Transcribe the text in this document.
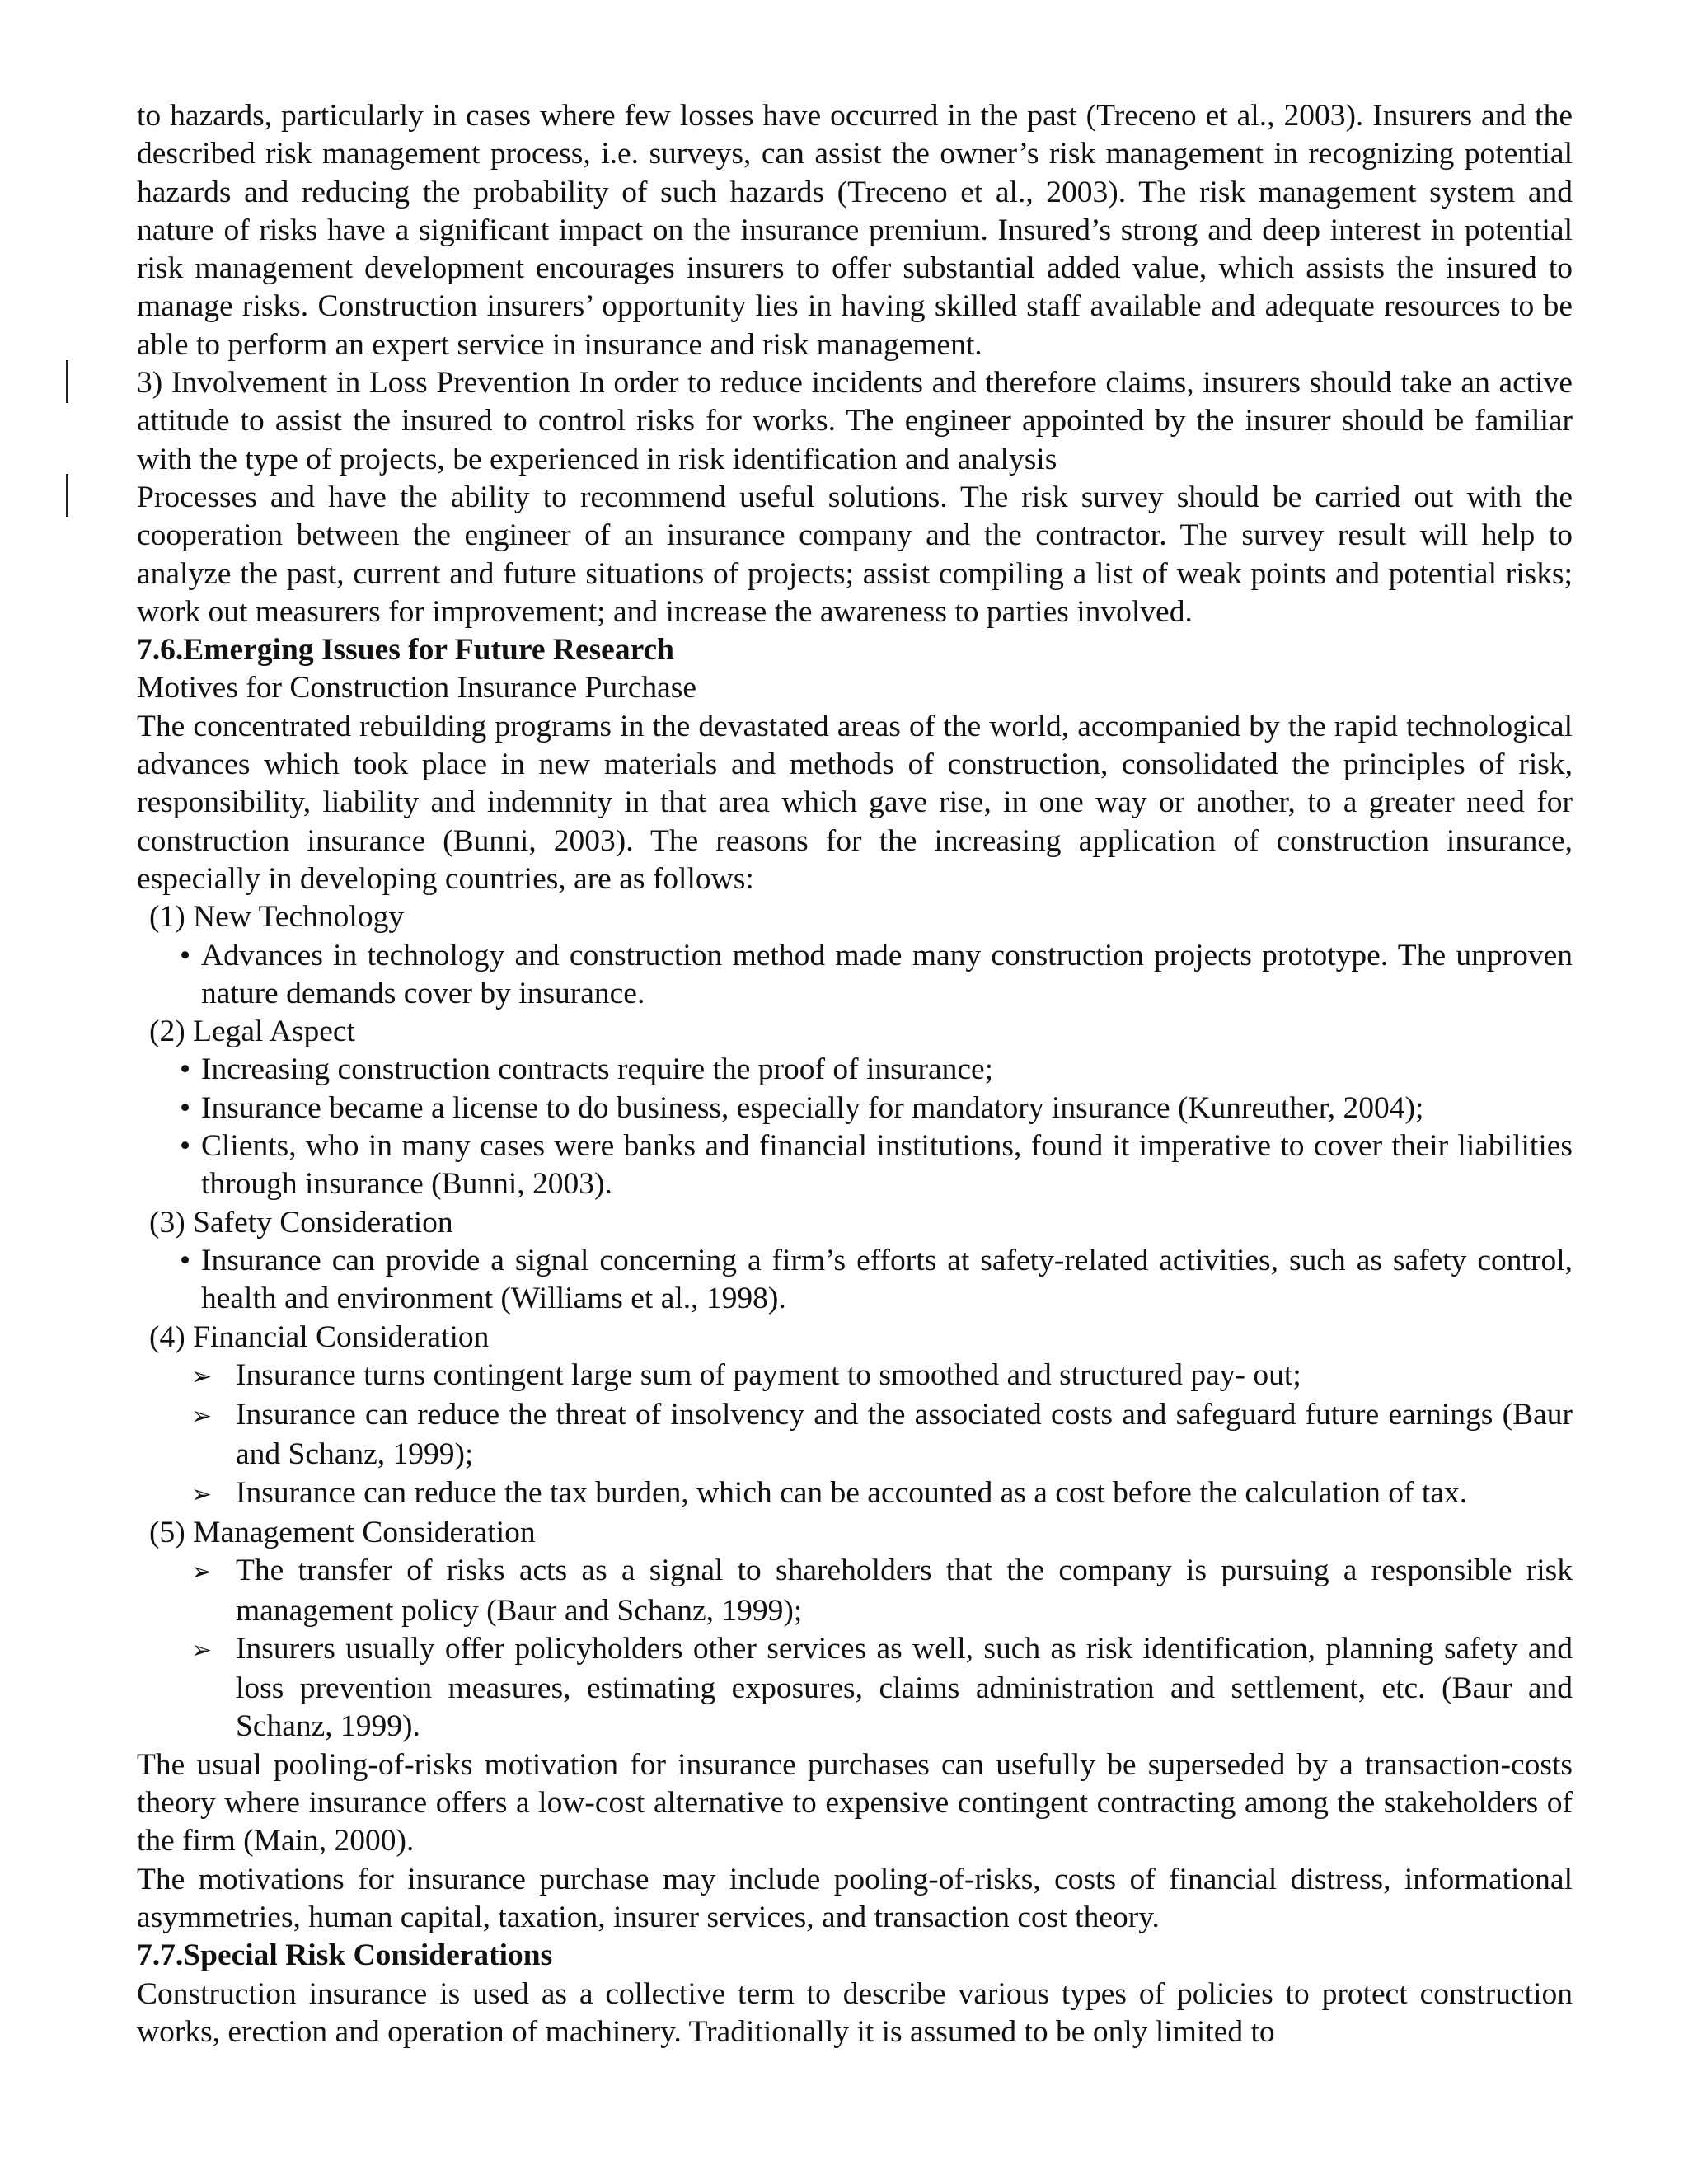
to hazards, particularly in cases where few losses have occurred in the past (Treceno et al., 2003). Insurers and the described risk management process, i.e. surveys, can assist the owner’s risk management in recognizing potential hazards and reducing the probability of such hazards (Treceno et al., 2003). The risk management system and nature of risks have a significant impact on the insurance premium. Insured’s strong and deep interest in potential risk management development encourages insurers to offer substantial added value, which assists the insured to manage risks. Construction insurers’ opportunity lies in having skilled staff available and adequate resources to be able to perform an expert service in insurance and risk management.

3) Involvement in Loss Prevention In order to reduce incidents and therefore claims, insurers should take an active attitude to assist the insured to control risks for works. The engineer appointed by the insurer should be familiar with the type of projects, be experienced in risk identification and analysis

Processes and have the ability to recommend useful solutions. The risk survey should be carried out with the cooperation between the engineer of an insurance company and the contractor. The survey result will help to analyze the past, current and future situations of projects; assist compiling a list of weak points and potential risks; work out measurers for improvement; and increase the awareness to parties involved.

7.6.Emerging Issues for Future Research

Motives for Construction Insurance Purchase

The concentrated rebuilding programs in the devastated areas of the world, accompanied by the rapid technological advances which took place in new materials and methods of construction, consolidated the principles of risk, responsibility, liability and indemnity in that area which gave rise, in one way or another, to a greater need for construction insurance (Bunni, 2003). The reasons for the increasing application of construction insurance, especially in developing countries, are as follows:

(1) New Technology

• Advances in technology and construction method made many construction projects prototype. The unproven nature demands cover by insurance.

(2) Legal Aspect

• Increasing construction contracts require the proof of insurance;

• Insurance became a license to do business, especially for mandatory insurance (Kunreuther, 2004);

• Clients, who in many cases were banks and financial institutions, found it imperative to cover their liabilities through insurance (Bunni, 2003).

(3) Safety Consideration

• Insurance can provide a signal concerning a firm’s efforts at safety-related activities, such as safety control, health and environment (Williams et al., 1998).

(4) Financial Consideration

➢ Insurance turns contingent large sum of payment to smoothed and structured pay- out;

➢ Insurance can reduce the threat of insolvency and the associated costs and safeguard future earnings (Baur and Schanz, 1999);

➢ Insurance can reduce the tax burden, which can be accounted as a cost before the calculation of tax.

(5) Management Consideration

➢ The transfer of risks acts as a signal to shareholders that the company is pursuing a responsible risk management policy (Baur and Schanz, 1999);

➢ Insurers usually offer policyholders other services as well, such as risk identification, planning safety and loss prevention measures, estimating exposures, claims administration and settlement, etc. (Baur and Schanz, 1999).

The usual pooling-of-risks motivation for insurance purchases can usefully be superseded by a transaction-costs theory where insurance offers a low-cost alternative to expensive contingent contracting among the stakeholders of the firm (Main, 2000).

The motivations for insurance purchase may include pooling-of-risks, costs of financial distress, informational asymmetries, human capital, taxation, insurer services, and transaction cost theory.

7.7.Special Risk Considerations

Construction insurance is used as a collective term to describe various types of policies to protect construction works, erection and operation of machinery. Traditionally it is assumed to be only limited to
